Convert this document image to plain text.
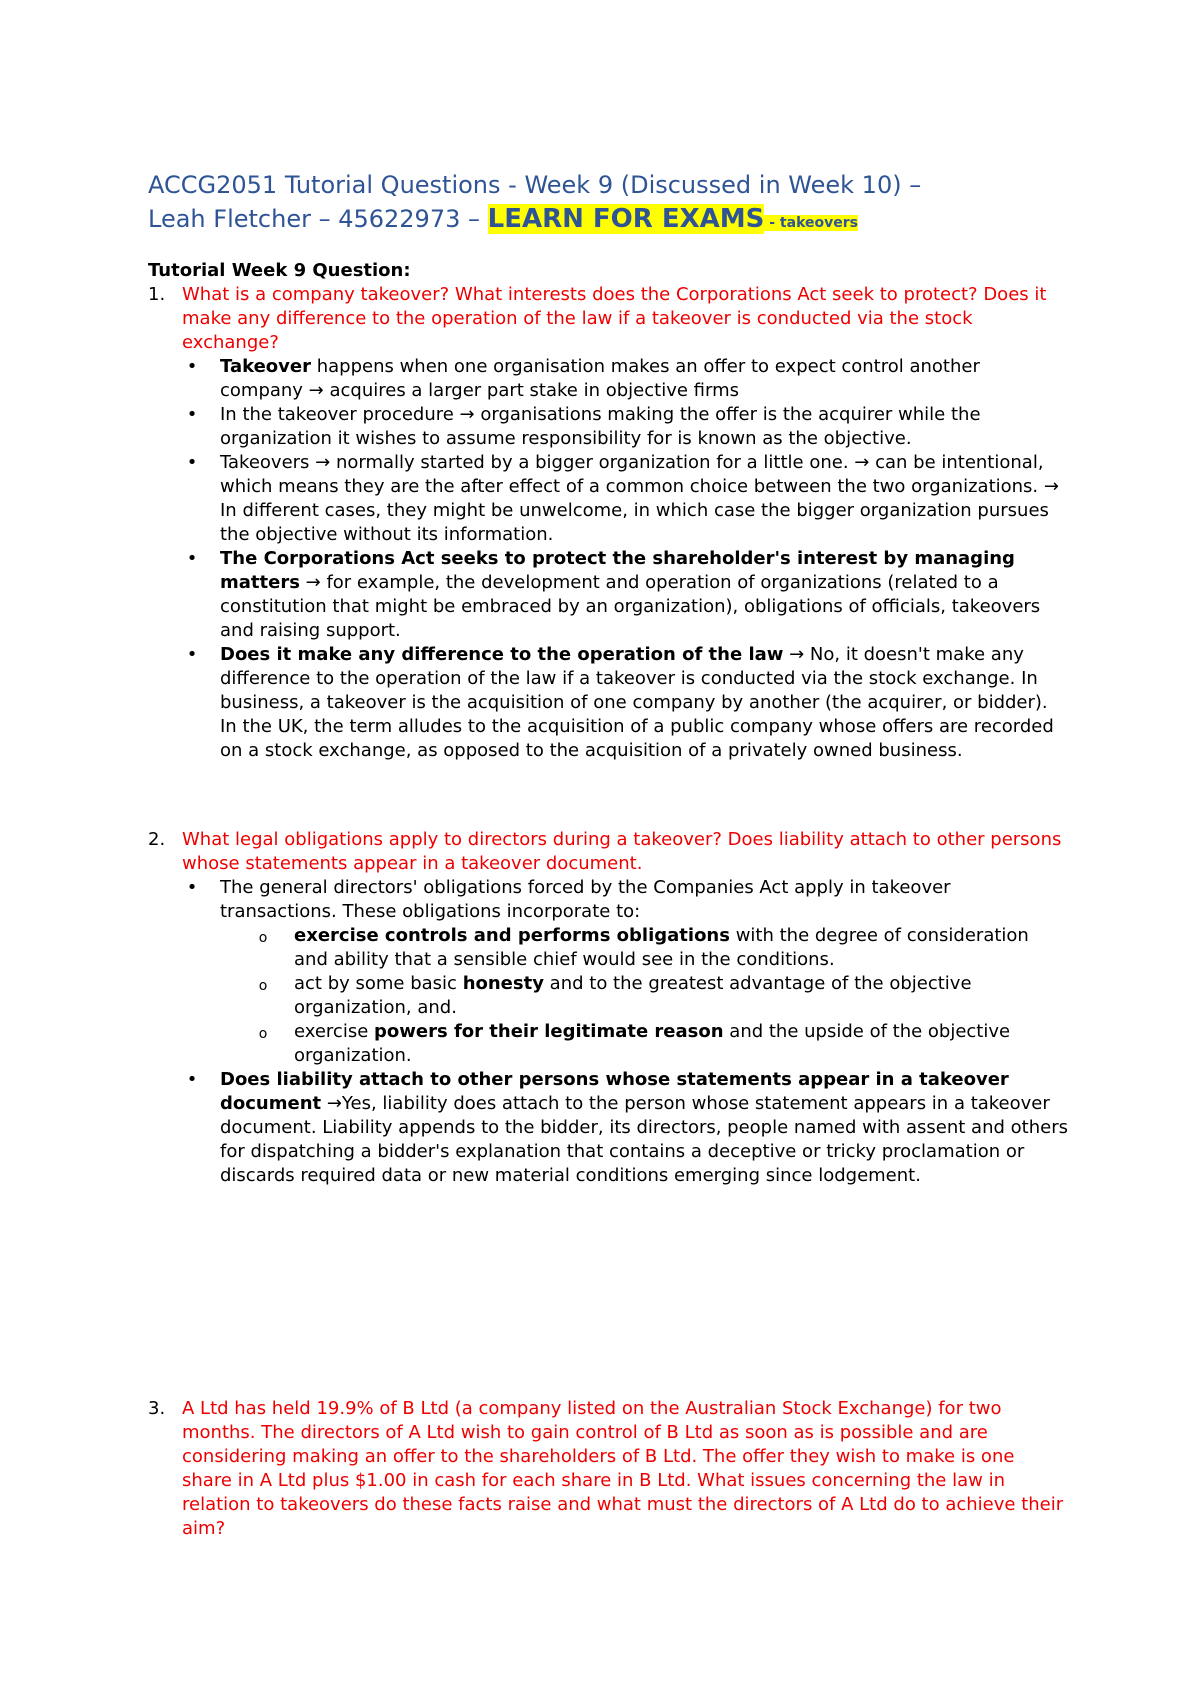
ACCG2051 Tutorial Questions - Week 9 (Discussed in Week 10) –
Leah Fletcher – 45622973 – LEARN FOR EXAMS - takeovers
Tutorial Week 9 Question:
1. What is a company takeover? What interests does the Corporations Act seek to protect? Does it make any difference to the operation of the law if a takeover is conducted via the stock exchange?
• Takeover happens when one organisation makes an offer to expect control another company → acquires a larger part stake in objective firms
• In the takeover procedure → organisations making the offer is the acquirer while the organization it wishes to assume responsibility for is known as the objective.
• Takeovers → normally started by a bigger organization for a little one. → can be intentional, which means they are the after effect of a common choice between the two organizations. → In different cases, they might be unwelcome, in which case the bigger organization pursues the objective without its information.
• The Corporations Act seeks to protect the shareholder's interest by managing matters → for example, the development and operation of organizations (related to a constitution that might be embraced by an organization), obligations of officials, takeovers and raising support.
• Does it make any difference to the operation of the law → No, it doesn't make any difference to the operation of the law if a takeover is conducted via the stock exchange. In business, a takeover is the acquisition of one company by another (the acquirer, or bidder). In the UK, the term alludes to the acquisition of a public company whose offers are recorded on a stock exchange, as opposed to the acquisition of a privately owned business.
2. What legal obligations apply to directors during a takeover? Does liability attach to other persons whose statements appear in a takeover document.
• The general directors' obligations forced by the Companies Act apply in takeover transactions. These obligations incorporate to:
o exercise controls and performs obligations with the degree of consideration and ability that a sensible chief would see in the conditions.
o act by some basic honesty and to the greatest advantage of the objective organization, and.
o exercise powers for their legitimate reason and the upside of the objective organization.
• Does liability attach to other persons whose statements appear in a takeover document →Yes, liability does attach to the person whose statement appears in a takeover document. Liability appends to the bidder, its directors, people named with assent and others for dispatching a bidder's explanation that contains a deceptive or tricky proclamation or discards required data or new material conditions emerging since lodgement.
3. A Ltd has held 19.9% of B Ltd (a company listed on the Australian Stock Exchange) for two months. The directors of A Ltd wish to gain control of B Ltd as soon as is possible and are considering making an offer to the shareholders of B Ltd. The offer they wish to make is one share in A Ltd plus $1.00 in cash for each share in B Ltd. What issues concerning the law in relation to takeovers do these facts raise and what must the directors of A Ltd do to achieve their aim?
